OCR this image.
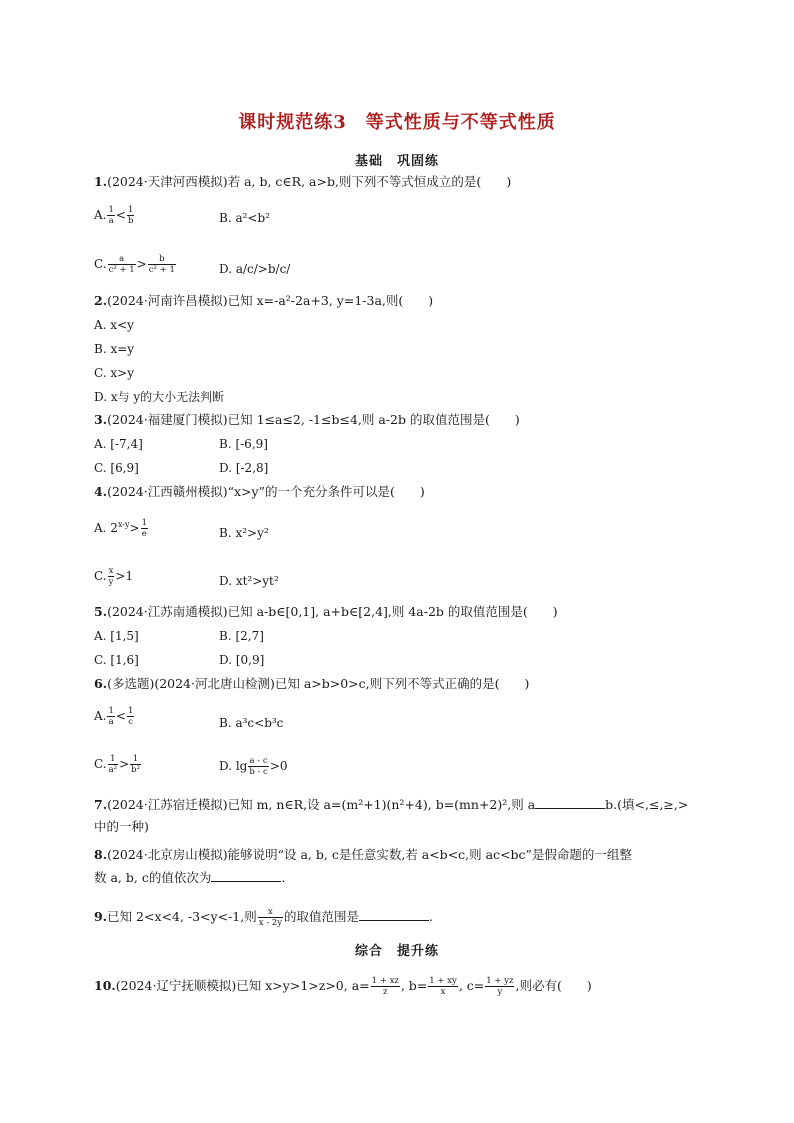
课时规范练3　等式性质与不等式性质
基础　巩固练
1.(2024·天津河西模拟)若 a, b, c∈R, a>b,则下列不等式恒成立的是(　　)
A. $\frac{1}{a} < \frac{1}{b}$	B. a²<b²
C. $\frac{a}{\text{c² + 1}} > \frac{b}{\text{c² + 1}}$	D. a/c/>b/c/
2.(2024·河南许昌模拟)已知 x=-a²-2a+3, y=1-3a,则(　　)
A. x<y
B. x=y
C. x>y
D. x与 y的大小无法判断
3.(2024·福建厦门模拟)已知 1≤a≤2, -1≤b≤4,则 a-2b 的取值范围是(　　)
A. [-7,4]	B. [-6,9]
C. [6,9]	D. [-2,8]
4.(2024·江西赣州模拟)“x>y”的一个充分条件可以是(　　)
A. $2^{x-y}> \frac{1}{e}$	B. x²>y²
C. $\frac{x}{y} >1$	D. xt²>yt²
5.(2024·江苏南通模拟)已知 a-b∈[0,1], a+b∈[2,4],则 4a-2b 的取值范围是(　　)
A. [1,5]	B. [2,7]
C. [1,6]	D. [0,9]
6.(多选题)(2024·河北唐山检测)已知 a>b>0>c,则下列不等式正确的是(　　)
A. $\frac{1}{a} < \frac{1}{c}$	B. a³c<b³c
C. $\frac{1}{\text{a²}} > \frac{1}{\text{b²}}$	D. $\lg \frac{a - c}{b - c} >0$
7.(2024·江苏宿迁模拟)已知 m, n∈R,设 a=(m²+1)(n²+4), b=(mn+2)²,则 a	b.(填<,≤,≥,>
中的一种)
8.(2024·北京房山模拟)能够说明“设 a, b, c是任意实数,若 a<b<c,则 ac<bc”是假命题的一组整
数 a, b, c的值依次为	.
9.已知 2<x<4, -3<y<-1,则 $\frac{x}{x - 2y}$ 的取值范围是	.
综合　提升练
10.(2024·辽宁抚顺模拟)已知 x>y>1>z>0, $a= \frac{1 + xz}{z}$ , $b= \frac{1 + xy}{x}$ , $c= \frac{1 + yz}{y}$ ,则必有(　　)
